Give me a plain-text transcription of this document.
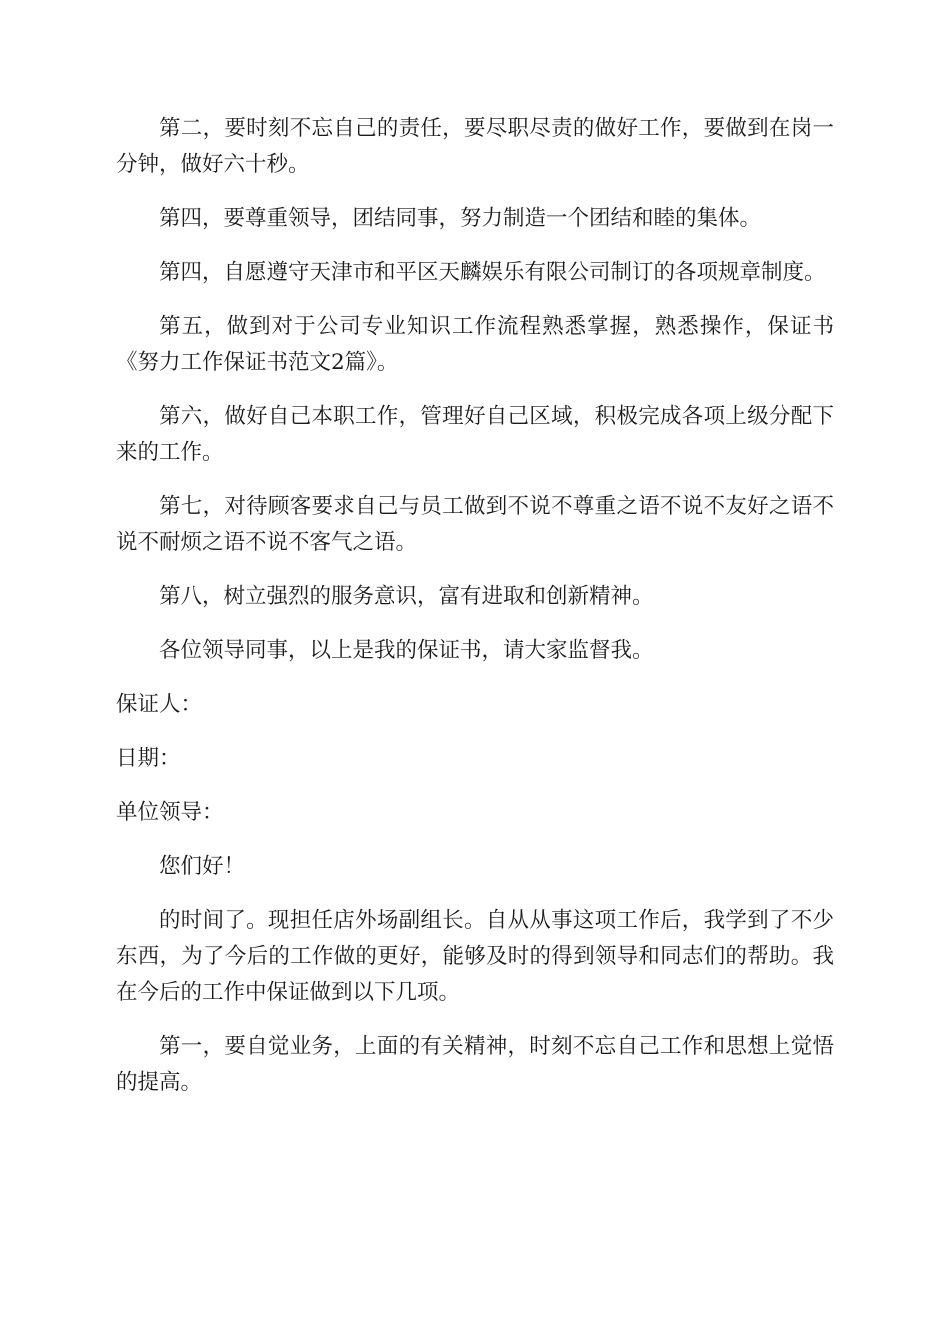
第二，要时刻不忘自己的责任，要尽职尽责的做好工作，要做到在岗一分钟，做好六十秒。

第四，要尊重领导，团结同事，努力制造一个团结和睦的集体。

第四，自愿遵守天津市和平区天麟娱乐有限公司制订的各项规章制度。

第五，做到对于公司专业知识工作流程熟悉掌握，熟悉操作，保证书《努力工作保证书范文2篇》。

第六，做好自己本职工作，管理好自己区域，积极完成各项上级分配下来的工作。

第七，对待顾客要求自己与员工做到不说不尊重之语不说不友好之语不说不耐烦之语不说不客气之语。

第八，树立强烈的服务意识，富有进取和创新精神。

各位领导同事，以上是我的保证书，请大家监督我。

保证人：

日期：

单位领导：

您们好！

的时间了。现担任店外场副组长。自从从事这项工作后，我学到了不少东西，为了今后的工作做的更好，能够及时的得到领导和同志们的帮助。我在今后的工作中保证做到以下几项。

第一，要自觉业务，上面的有关精神，时刻不忘自己工作和思想上觉悟的提高。
